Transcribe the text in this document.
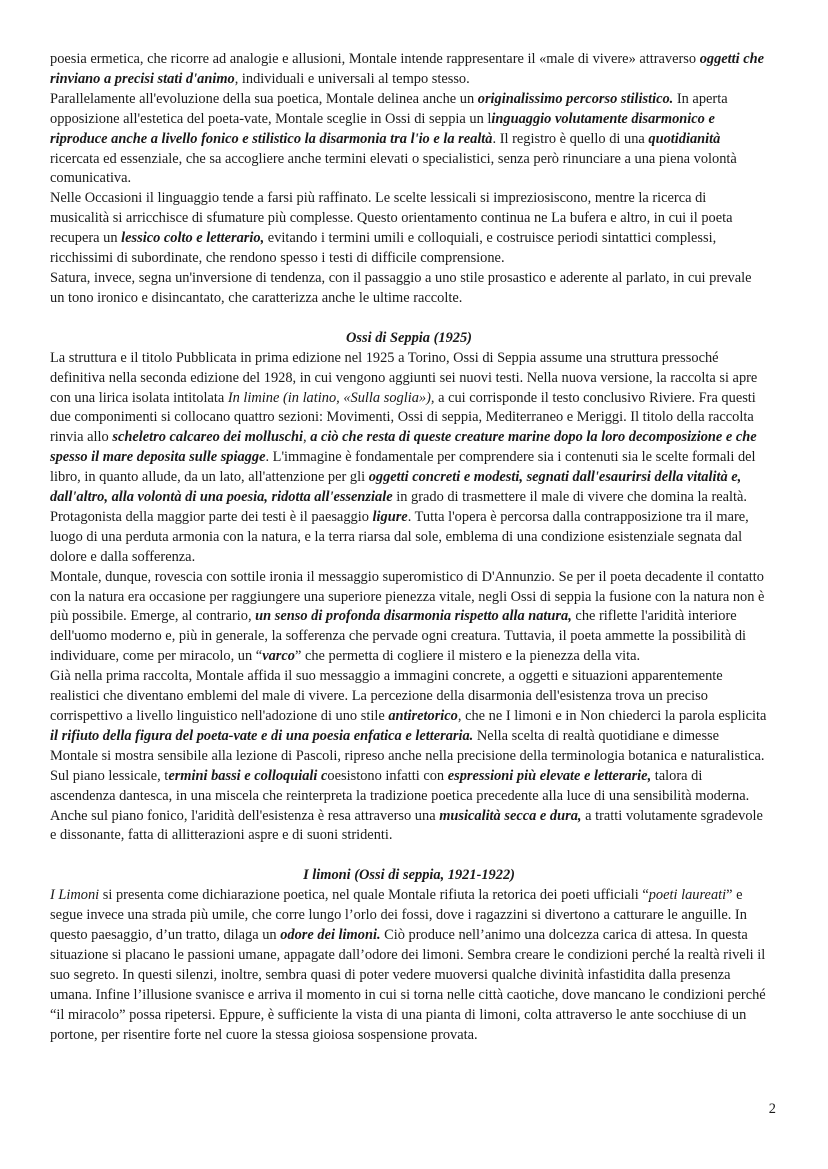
poesia ermetica, che ricorre ad analogie e allusioni, Montale intende rappresentare il «male di vivere» attraverso oggetti che rinviano a precisi stati d'animo, individuali e universali al tempo stesso.

Parallelamente all'evoluzione della sua poetica, Montale delinea anche un originalissimo percorso stilistico. In aperta opposizione all'estetica del poeta-vate, Montale sceglie in Ossi di seppia un linguaggio volutamente disarmonico e riproduce anche a livello fonico e stilistico la disarmonia tra l'io e la realtà. Il registro è quello di una quotidianità ricercata ed essenziale, che sa accogliere anche termini elevati o specialistici, senza però rinunciare a una piena volontà comunicativa.

Nelle Occasioni il linguaggio tende a farsi più raffinato. Le scelte lessicali si impreziosiscono, mentre la ricerca di musicalità si arricchisce di sfumature più complesse. Questo orientamento continua ne La bufera e altro, in cui il poeta recupera un lessico colto e letterario, evitando i termini umili e colloquiali, e costruisce periodi sintattici complessi, ricchissimi di subordinate, che rendono spesso i testi di difficile comprensione.

Satura, invece, segna un'inversione di tendenza, con il passaggio a uno stile prosastico e aderente al parlato, in cui prevale un tono ironico e disincantato, che caratterizza anche le ultime raccolte.

Ossi di Seppia (1925)

La struttura e il titolo Pubblicata in prima edizione nel 1925 a Torino, Ossi di Seppia assume una struttura pressoché definitiva nella seconda edizione del 1928, in cui vengono aggiunti sei nuovi testi. Nella nuova versione, la raccolta si apre con una lirica isolata intitolata In limine (in latino, «Sulla soglia»), a cui corrisponde il testo conclusivo Riviere. Fra questi due componimenti si collocano quattro sezioni: Movimenti, Ossi di seppia, Mediterraneo e Meriggi. Il titolo della raccolta rinvia allo scheletro calcareo dei molluschi, a ciò che resta di queste creature marine dopo la loro decomposizione e che spesso il mare deposita sulle spiagge. L'immagine è fondamentale per comprendere sia i contenuti sia le scelte formali del libro, in quanto allude, da un lato, all'attenzione per gli oggetti concreti e modesti, segnati dall'esaurirsi della vitalità e, dall'altro, alla volontà di una poesia, ridotta all'essenziale in grado di trasmettere il male di vivere che domina la realtà.

Protagonista della maggior parte dei testi è il paesaggio ligure. Tutta l'opera è percorsa dalla contrapposizione tra il mare, luogo di una perduta armonia con la natura, e la terra riarsa dal sole, emblema di una condizione esistenziale segnata dal dolore e dalla sofferenza.

Montale, dunque, rovescia con sottile ironia il messaggio superomistico di D'Annunzio. Se per il poeta decadente il contatto con la natura era occasione per raggiungere una superiore pienezza vitale, negli Ossi di seppia la fusione con la natura non è più possibile. Emerge, al contrario, un senso di profonda disarmonia rispetto alla natura, che riflette l'aridità interiore dell'uomo moderno e, più in generale, la sofferenza che pervade ogni creatura. Tuttavia, il poeta ammette la possibilità di individuare, come per miracolo, un “varco” che permetta di cogliere il mistero e la pienezza della vita.

Già nella prima raccolta, Montale affida il suo messaggio a immagini concrete, a oggetti e situazioni apparentemente realistici che diventano emblemi del male di vivere. La percezione della disarmonia dell'esistenza trova un preciso corrispettivo a livello linguistico nell'adozione di uno stile antiretorico, che ne I limoni e in Non chiederci la parola esplicita il rifiuto della figura del poeta-vate e di una poesia enfatica e letteraria. Nella scelta di realtà quotidiane e dimesse Montale si mostra sensibile alla lezione di Pascoli, ripreso anche nella precisione della terminologia botanica e naturalistica. Sul piano lessicale, termini bassi e colloquiali coesistono infatti con espressioni più elevate e letterarie, talora di ascendenza dantesca, in una miscela che reinterpreta la tradizione poetica precedente alla luce di una sensibilità moderna. Anche sul piano fonico, l'aridità dell'esistenza è resa attraverso una musicalità secca e dura, a tratti volutamente sgradevole e dissonante, fatta di allitterazioni aspre e di suoni stridenti.

I limoni (Ossi di seppia, 1921-1922)

I Limoni si presenta come dichiarazione poetica, nel quale Montale rifiuta la retorica dei poeti ufficiali “poeti laureati” e segue invece una strada più umile, che corre lungo l’orlo dei fossi, dove i ragazzini si divertono a catturare le anguille. In questo paesaggio, d’un tratto, dilaga un odore dei limoni. Ciò produce nell’animo una dolcezza carica di attesa. In questa situazione si placano le passioni umane, appagate dall’odore dei limoni. Sembra creare le condizioni perché la realtà riveli il suo segreto. In questi silenzi, inoltre, sembra quasi di poter vedere muoversi qualche divinità infastidita dalla presenza umana. Infine l’illusione svanisce e arriva il momento in cui si torna nelle città caotiche, dove mancano le condizioni perché “il miracolo” possa ripetersi. Eppure, è sufficiente la vista di una pianta di limoni, colta attraverso le ante socchiuse di un portone, per risentire forte nel cuore la stessa gioiosa sospensione provata.

2
